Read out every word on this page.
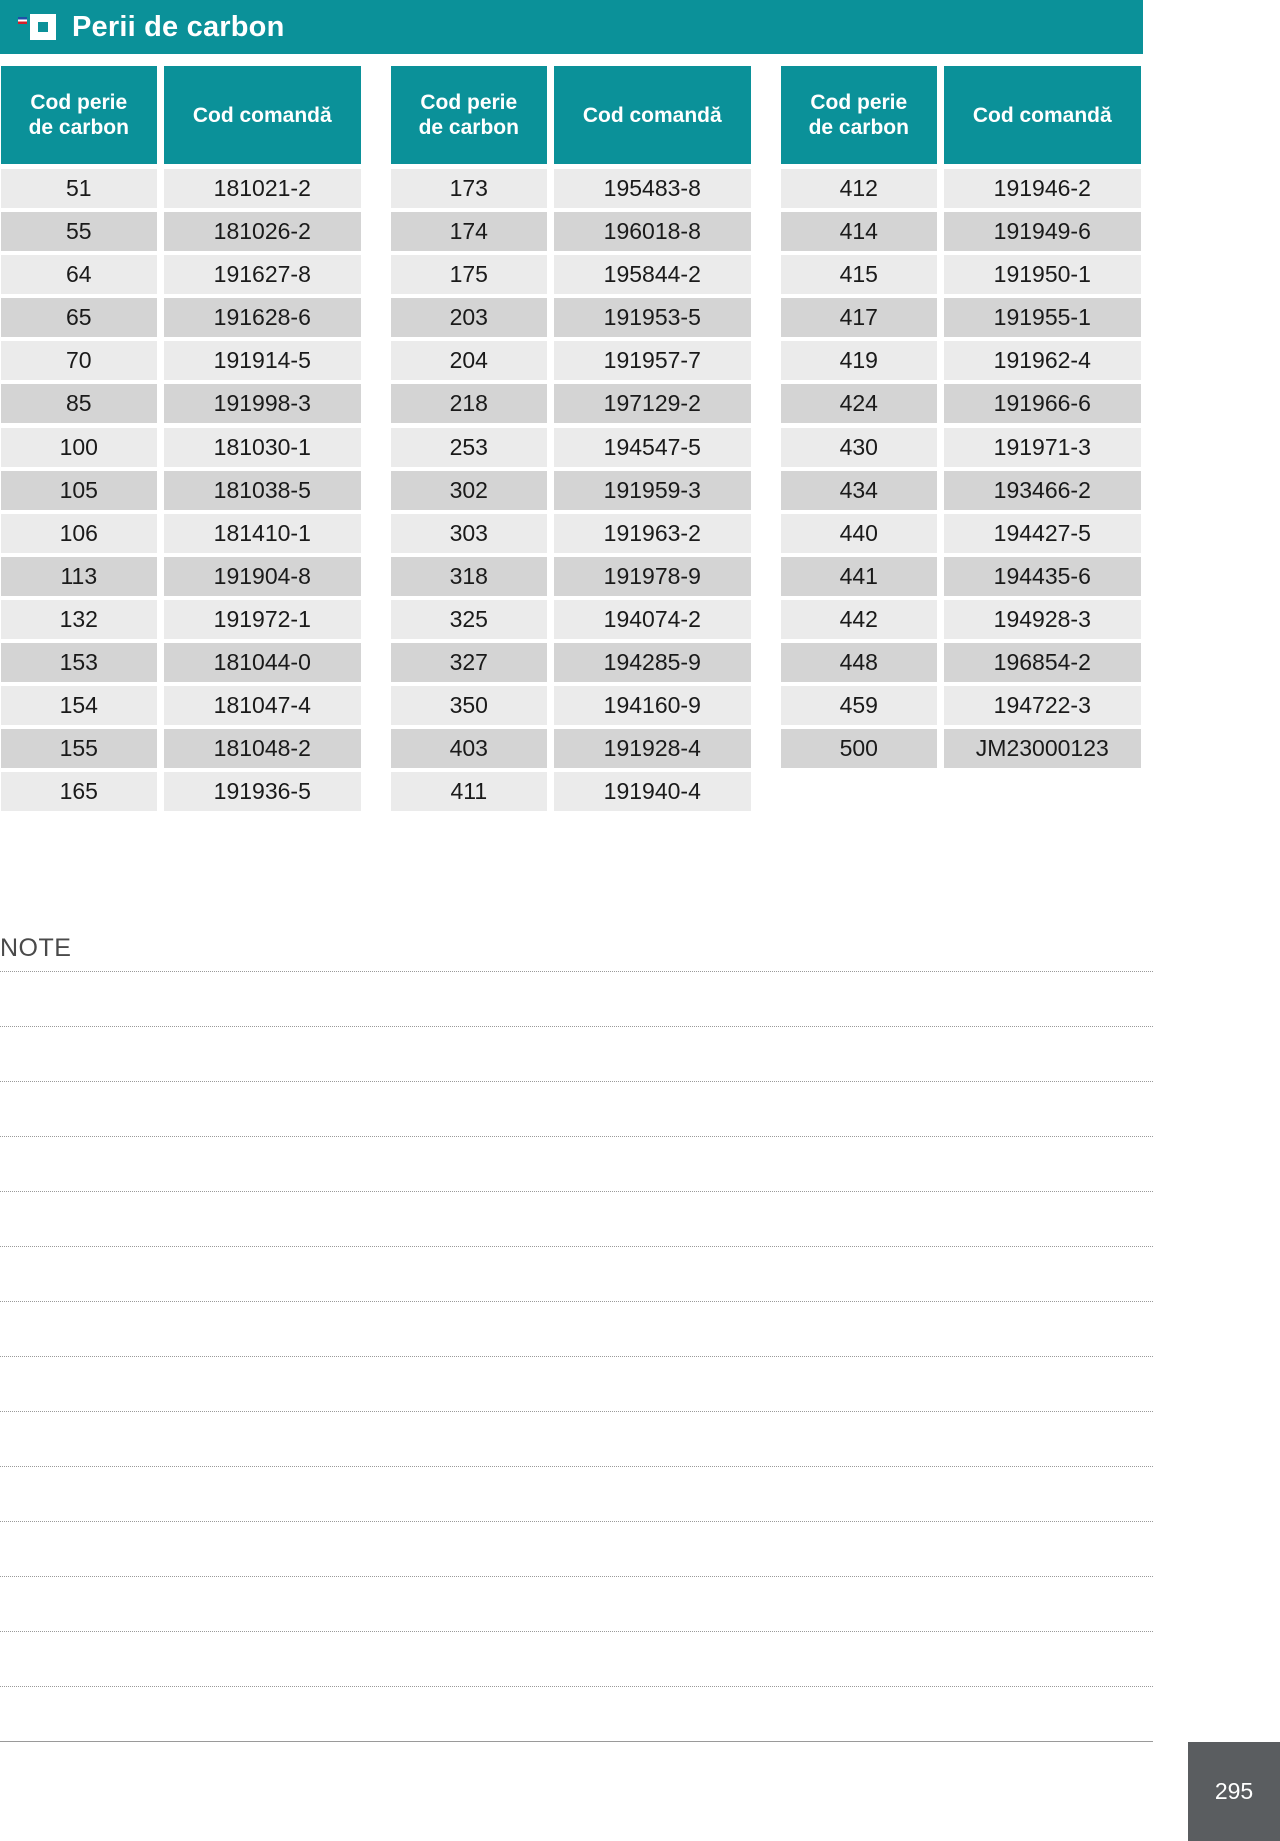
Perii de carbon
Cod perie
de carbon
Cod comandă
51	181021-2
55	181026-2
64	191627-8
65	191628-6
70	191914-5
85	191998-3
100	181030-1
105	181038-5
106	181410-1
113	191904-8
132	191972-1
153	181044-0
154	181047-4
155	181048-2
165	191936-5
Cod perie
de carbon
Cod comandă
173	195483-8
174	196018-8
175	195844-2
203	191953-5
204	191957-7
218	197129-2
253	194547-5
302	191959-3
303	191963-2
318	191978-9
325	194074-2
327	194285-9
350	194160-9
403	191928-4
411	191940-4
Cod perie
de carbon
Cod comandă
412	191946-2
414	191949-6
415	191950-1
417	191955-1
419	191962-4
424	191966-6
430	191971-3
434	193466-2
440	194427-5
441	194435-6
442	194928-3
448	196854-2
459	194722-3
500	JM23000123
NOTE
295
